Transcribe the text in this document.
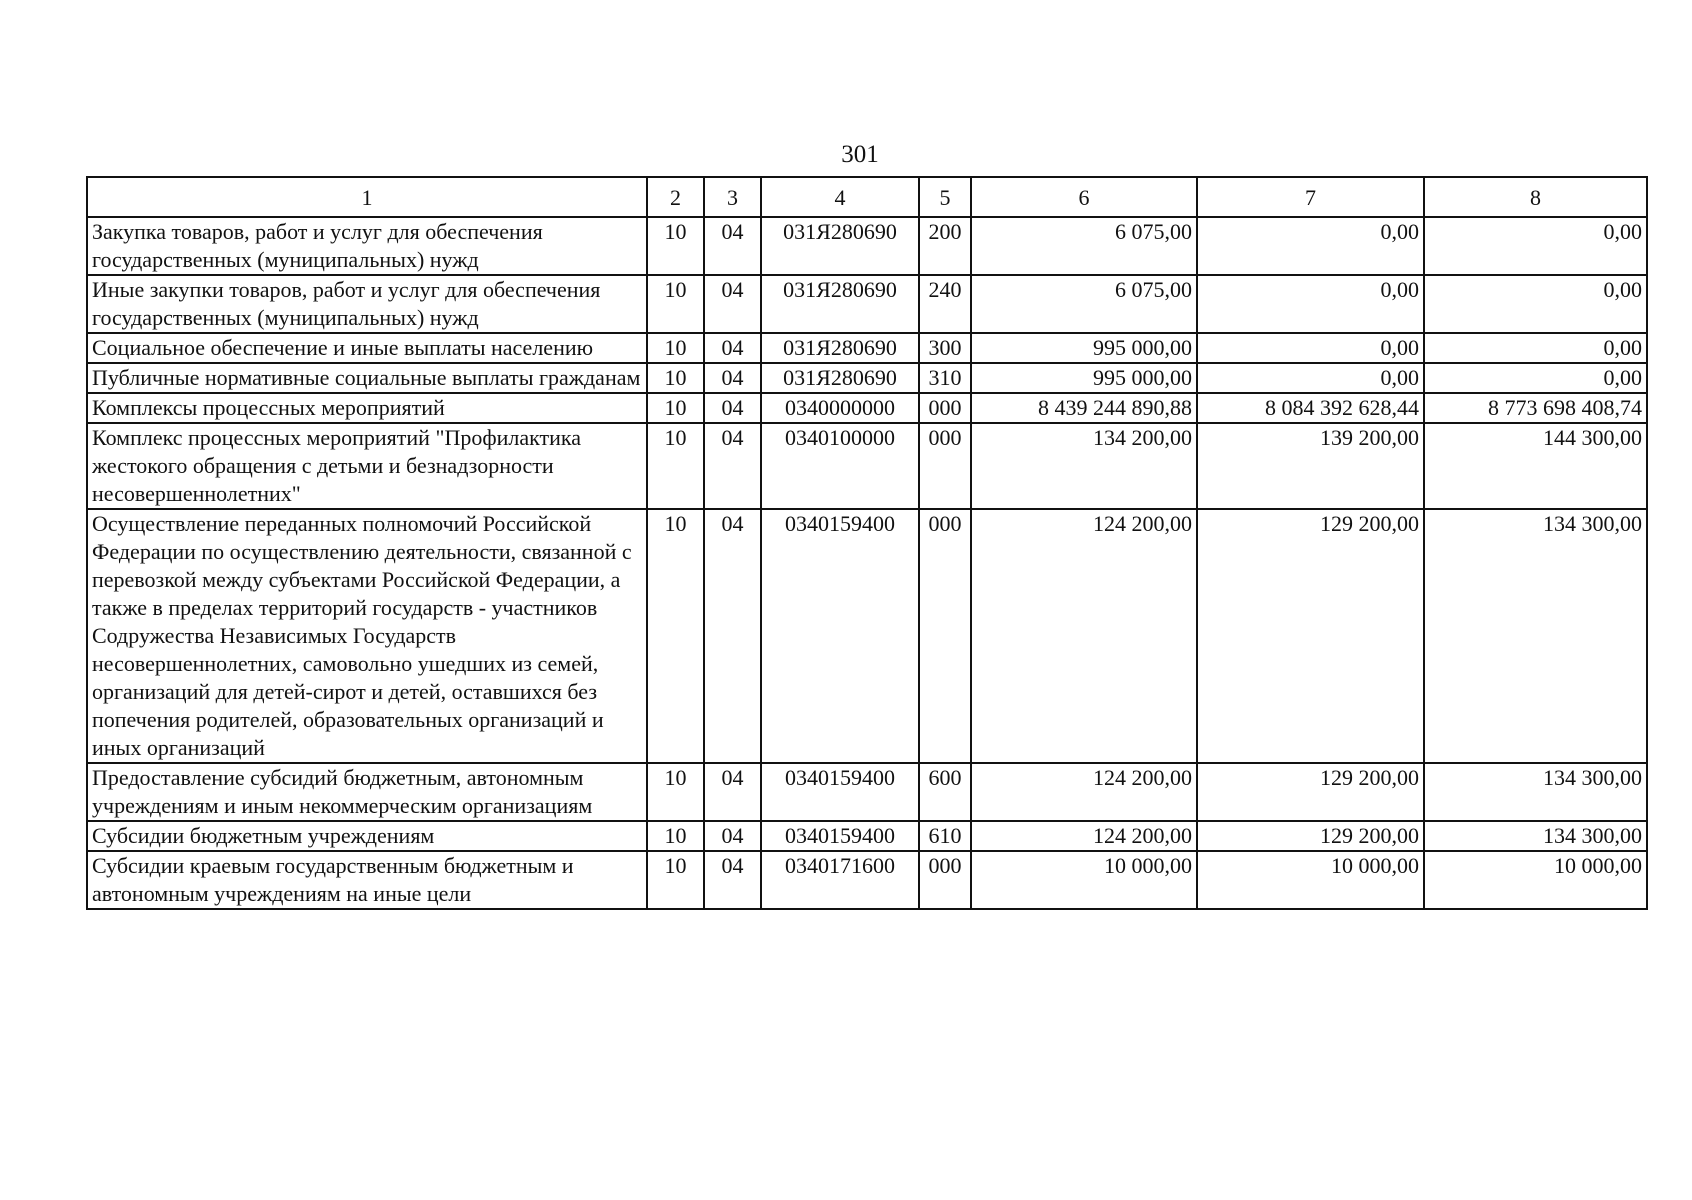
301
1	2	3	4	5	6	7	8
Закупка товаров, работ и услуг для обеспечения государственных (муниципальных) нужд	10	04	031Я280690	200	6 075,00	0,00	0,00
Иные закупки товаров, работ и услуг для обеспечения государственных (муниципальных) нужд	10	04	031Я280690	240	6 075,00	0,00	0,00
Социальное обеспечение и иные выплаты населению	10	04	031Я280690	300	995 000,00	0,00	0,00
Публичные нормативные социальные выплаты гражданам	10	04	031Я280690	310	995 000,00	0,00	0,00
Комплексы процессных мероприятий	10	04	0340000000	000	8 439 244 890,88	8 084 392 628,44	8 773 698 408,74
Комплекс процессных мероприятий "Профилактика жестокого обращения с детьми и безнадзорности несовершеннолетних"	10	04	0340100000	000	134 200,00	139 200,00	144 300,00
Осуществление переданных полномочий Российской Федерации по осуществлению деятельности, связанной с перевозкой между субъектами Российской Федерации, а также в пределах территорий государств - участников Содружества Независимых Государств несовершеннолетних, самовольно ушедших из семей, организаций для детей-сирот и детей, оставшихся без попечения родителей, образовательных организаций и иных организаций	10	04	0340159400	000	124 200,00	129 200,00	134 300,00
Предоставление субсидий бюджетным, автономным учреждениям и иным некоммерческим организациям	10	04	0340159400	600	124 200,00	129 200,00	134 300,00
Субсидии бюджетным учреждениям	10	04	0340159400	610	124 200,00	129 200,00	134 300,00
Субсидии краевым государственным бюджетным и автономным учреждениям на иные цели	10	04	0340171600	000	10 000,00	10 000,00	10 000,00
